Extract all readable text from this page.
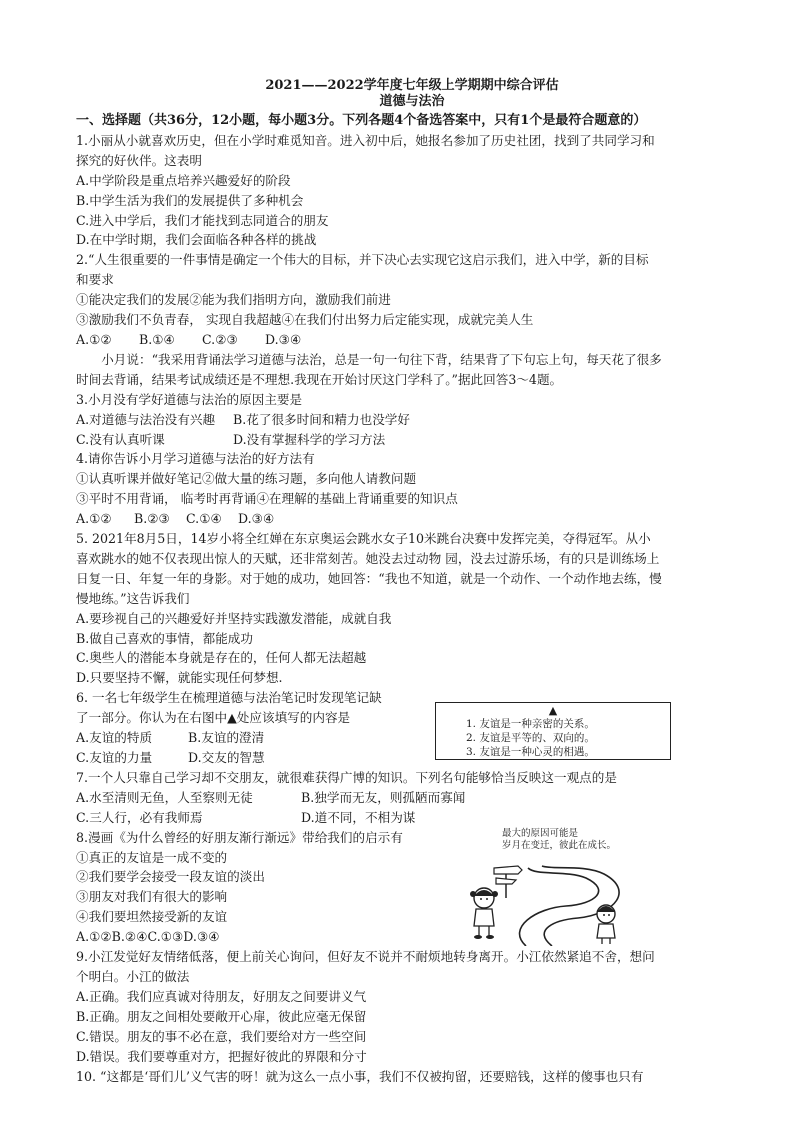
2021——2022学年度七年级上学期期中综合评估
道德与法治
一、选择题（共36分，12小题，每小题3分。下列各题4个备选答案中，只有1个是最符合题意的）
1.小丽从小就喜欢历史，但在小学时难觅知音。进入初中后，她报名参加了历史社团，找到了共同学习和
探究的好伙伴。这表明
A.中学阶段是重点培养兴趣爱好的阶段
B.中学生活为我们的发展提供了多种机会
C.进入中学后，我们才能找到志同道合的朋友
D.在中学时期，我们会面临各种各样的挑战
2.“人生很重要的一件事情是确定一个伟大的目标，并下决心去实现它这启示我们，进入中学，新的目标
和要求
①能决定我们的发展②能为我们指明方向，激励我们前进
③激励我们不负青春， 实现自我超越④在我们付出努力后定能实现，成就完美人生
A.①②	B.①④	C.②③	D.③④
小月说：“我采用背诵法学习道德与法治，总是一句一句往下背，结果背了下句忘上句，每天花了很多
时间去背诵，结果考试成绩还是不理想.我现在开始讨厌这门学科了。”据此回答3～4题。
3.小月没有学好道德与法治的原因主要是
A.对道德与法治没有兴趣	B.花了很多时间和精力也没学好
C.没有认真听课	D.没有掌握科学的学习方法
4.请你告诉小月学习道德与法治的好方法有
①认真听课并做好笔记②做大量的练习题，多向他人请教问题
③平时不用背诵， 临考时再背诵④在理解的基础上背诵重要的知识点
A.①②	B.②③	C.①④	D.③④
5. 2021年8月5日，14岁小将全红婵在东京奥运会跳水女子10米跳台决赛中发挥完美，夺得冠军。从小
喜欢跳水的她不仅表现出惊人的天赋，还非常刻苦。她没去过动物 园，没去过游乐场，有的只是训练场上
日复一日、年复一年的身影。对于她的成功，她回答：“我也不知道，就是一个动作、一个动作地去练，慢
慢地练。”这告诉我们
A.要珍视自己的兴趣爱好并坚持实践激发潜能，成就自我
B.做自己喜欢的事情，都能成功
C.奥些人的潜能本身就是存在的，任何人都无法超越
D.只要坚持不懈，就能实现任何梦想.
6. 一名七年级学生在梳理道德与法治笔记时发现笔记缺
了一部分。你认为在右图中▲处应该填写的内容是
A.友谊的特质	B.友谊的澄清
C.友谊的力量	D.交友的智慧
▲
1. 友谊是一种亲密的关系。
2. 友谊是平等的、双向的。
3. 友谊是一种心灵的相遇。
7.一个人只靠自己学习却不交朋友，就很难获得广博的知识。下列名句能够恰当反映这一观点的是
A.水至清则无鱼，人至察则无徒	B.独学而无友，则孤陋而寡闻
C.三人行，必有我师焉	D.道不同，不相为谋
8.漫画《为什么曾经的好朋友渐行渐远》带给我们的启示有
①真正的友谊是一成不变的
②我们要学会接受一段友谊的淡出
③朋友对我们有很大的影响
④我们要坦然接受新的友谊
A.①②B.②④C.①③D.③④
最大的原因可能是
岁月在变迁，彼此在成长。
9.小江发觉好友情绪低落，便上前关心询问，但好友不说并不耐烦地转身离开。小江依然紧追不舍，想问
个明白。小江的做法
A.正确。我们应真诚对待朋友，好朋友之间要讲义气
B.正确。朋友之间相处要敞开心扉，彼此应毫无保留
C.错误。朋友的事不必在意，我们要给对方一些空间
D.错误。我们要尊重对方，把握好彼此的界限和分寸
10. “这都是‘哥们儿’义气害的呀！就为这么一点小事，我们不仅被拘留，还要赔钱，这样的傻事也只有
